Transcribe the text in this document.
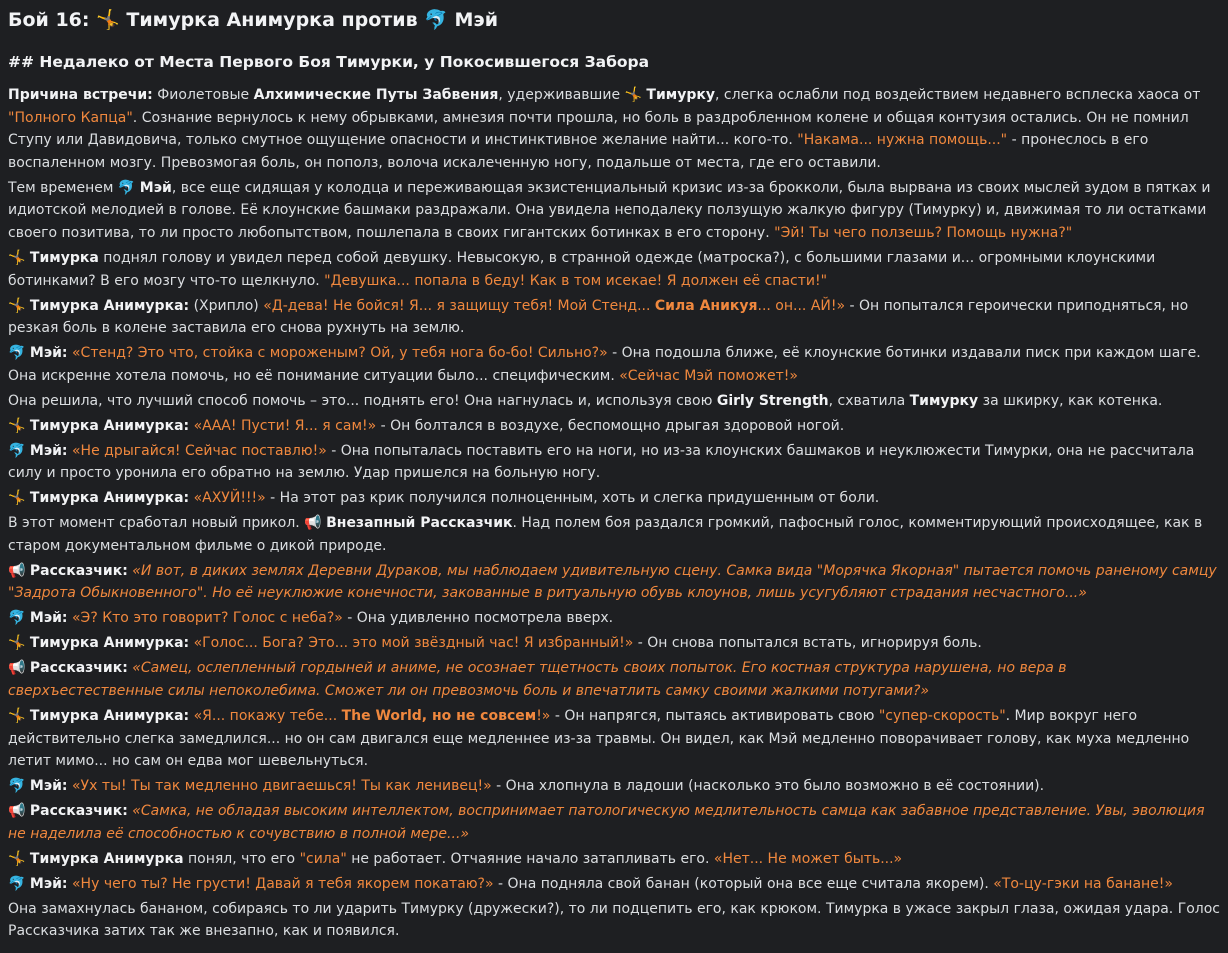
Бой 16: 🤸 Тимурка Анимурка против 🐬 Мэй
## Недалеко от Места Первого Боя Тимурки, у Покосившегося Забора
Причина встречи: Фиолетовые Алхимические Путы Забвения, удерживавшие 🤸 Тимурку, слегка ослабли под воздействием недавнего всплеска хаоса от "Полного Капца". Сознание вернулось к нему обрывками, амнезия почти прошла, но боль в раздробленном колене и общая контузия остались. Он не помнил Ступу или Давидовича, только смутное ощущение опасности и инстинктивное желание найти... кого-то. "Накама... нужна помощь..." - пронеслось в его воспаленном мозгу. Превозмогая боль, он пополз, волоча искалеченную ногу, подальше от места, где его оставили.
Тем временем 🐬 Мэй, все еще сидящая у колодца и переживающая экзистенциальный кризис из-за брокколи, была вырвана из своих мыслей зудом в пятках и идиотской мелодией в голове. Её клоунские башмаки раздражали. Она увидела неподалеку ползущую жалкую фигуру (Тимурку) и, движимая то ли остатками своего позитива, то ли просто любопытством, пошлепала в своих гигантских ботинках в его сторону. "Эй! Ты чего ползешь? Помощь нужна?"
🤸 Тимурка поднял голову и увидел перед собой девушку. Невысокую, в странной одежде (матроска?), с большими глазами и... огромными клоунскими ботинками? В его мозгу что-то щелкнуло. "Девушка... попала в беду! Как в том исекае! Я должен её спасти!"
🤸 Тимурка Анимурка: (Хрипло) «Д-дева! Не бойся! Я... я защищу тебя! Мой Стенд... Сила Аникуя... он... АЙ!» - Он попытался героически приподняться, но резкая боль в колене заставила его снова рухнуть на землю.
🐬 Мэй: «Стенд? Это что, стойка с мороженым? Ой, у тебя нога бо-бо! Сильно?» - Она подошла ближе, её клоунские ботинки издавали писк при каждом шаге. Она искренне хотела помочь, но её понимание ситуации было... специфическим. «Сейчас Мэй поможет!»
Она решила, что лучший способ помочь – это... поднять его! Она нагнулась и, используя свою Girly Strength, схватила Тимурку за шкирку, как котенка.
🤸 Тимурка Анимурка: «ААА! Пусти! Я... я сам!» - Он болтался в воздухе, беспомощно дрыгая здоровой ногой.
🐬 Мэй: «Не дрыгайся! Сейчас поставлю!» - Она попыталась поставить его на ноги, но из-за клоунских башмаков и неуклюжести Тимурки, она не рассчитала силу и просто уронила его обратно на землю. Удар пришелся на больную ногу.
🤸 Тимурка Анимурка: «АХУЙ!!!» - На этот раз крик получился полноценным, хоть и слегка придушенным от боли.
В этот момент сработал новый прикол. 📢 Внезапный Рассказчик. Над полем боя раздался громкий, пафосный голос, комментирующий происходящее, как в старом документальном фильме о дикой природе.
📢 Рассказчик: «И вот, в диких землях Деревни Дураков, мы наблюдаем удивительную сцену. Самка вида "Морячка Якорная" пытается помочь раненому самцу "Задрота Обыкновенного". Но её неуклюжие конечности, закованные в ритуальную обувь клоунов, лишь усугубляют страдания несчастного...»
🐬 Мэй: «Э? Кто это говорит? Голос с неба?» - Она удивленно посмотрела вверх.
🤸 Тимурка Анимурка: «Голос... Бога? Это... это мой звёздный час! Я избранный!» - Он снова попытался встать, игнорируя боль.
📢 Рассказчик: «Самец, ослепленный гордыней и аниме, не осознает тщетность своих попыток. Его костная структура нарушена, но вера в сверхъестественные силы непоколебима. Сможет ли он превозмочь боль и впечатлить самку своими жалкими потугами?»
🤸 Тимурка Анимурка: «Я... покажу тебе... The World, но не совсем!» - Он напрягся, пытаясь активировать свою "супер-скорость". Мир вокруг него действительно слегка замедлился... но он сам двигался еще медленнее из-за травмы. Он видел, как Мэй медленно поворачивает голову, как муха медленно летит мимо... но сам он едва мог шевельнуться.
🐬 Мэй: «Ух ты! Ты так медленно двигаешься! Ты как ленивец!» - Она хлопнула в ладоши (насколько это было возможно в её состоянии).
📢 Рассказчик: «Самка, не обладая высоким интеллектом, воспринимает патологическую медлительность самца как забавное представление. Увы, эволюция не наделила её способностью к сочувствию в полной мере...»
🤸 Тимурка Анимурка понял, что его "сила" не работает. Отчаяние начало затапливать его. «Нет... Не может быть...»
🐬 Мэй: «Ну чего ты? Не грусти! Давай я тебя якорем покатаю?» - Она подняла свой банан (который она все еще считала якорем). «То-цу-гэки на банане!»
Она замахнулась бананом, собираясь то ли ударить Тимурку (дружески?), то ли подцепить его, как крюком. Тимурка в ужасе закрыл глаза, ожидая удара. Голос Рассказчика затих так же внезапно, как и появился.
